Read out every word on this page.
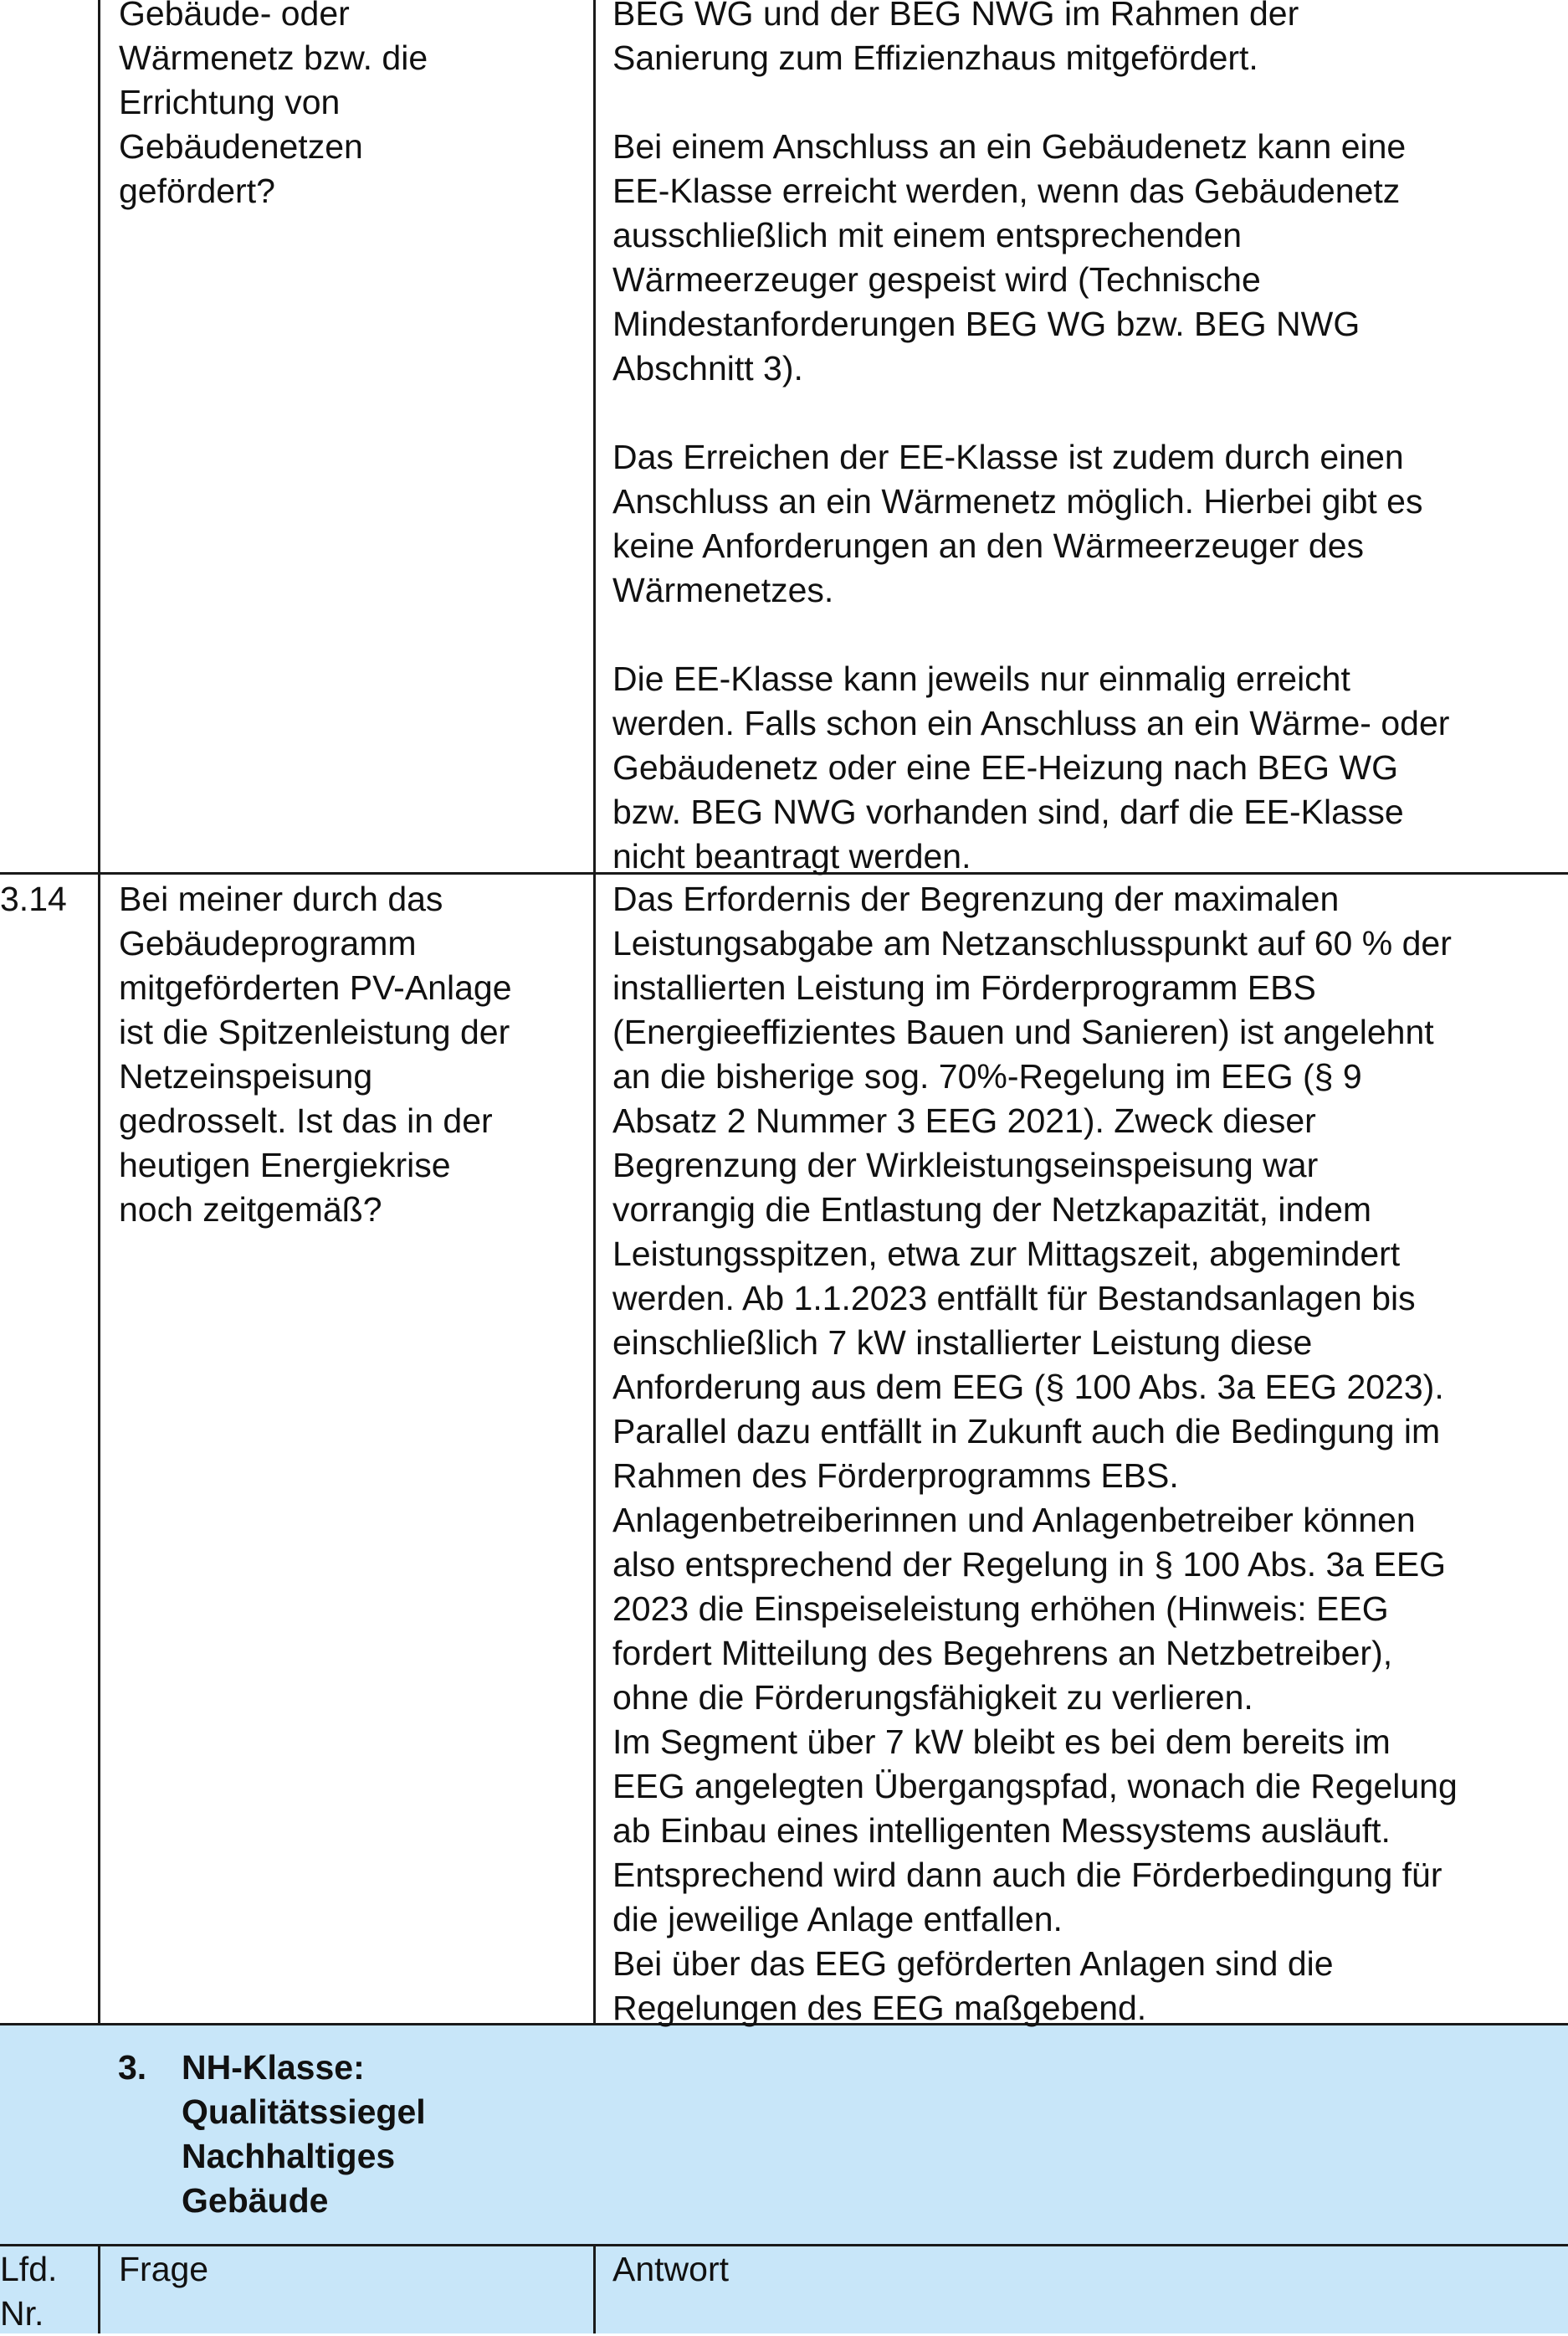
Gebäude- oder
Wärmenetz bzw. die
Errichtung von
Gebäudenetzen
gefördert?

BEG WG und der BEG NWG im Rahmen der
Sanierung zum Effizienzhaus mitgefördert.

Bei einem Anschluss an ein Gebäudenetz kann eine
EE-Klasse erreicht werden, wenn das Gebäudenetz
ausschließlich mit einem entsprechenden
Wärmeerzeuger gespeist wird (Technische
Mindestanforderungen BEG WG bzw. BEG NWG
Abschnitt 3).

Das Erreichen der EE-Klasse ist zudem durch einen
Anschluss an ein Wärmenetz möglich. Hierbei gibt es
keine Anforderungen an den Wärmeerzeuger des
Wärmenetzes.

Die EE-Klasse kann jeweils nur einmalig erreicht
werden. Falls schon ein Anschluss an ein Wärme- oder
Gebäudenetz oder eine EE-Heizung nach BEG WG
bzw. BEG NWG vorhanden sind, darf die EE-Klasse
nicht beantragt werden.

3.14	Bei meiner durch das
Gebäudeprogramm
mitgeförderten PV-Anlage
ist die Spitzenleistung der
Netzeinspeisung
gedrosselt. Ist das in der
heutigen Energiekrise
noch zeitgemäß?

Das Erfordernis der Begrenzung der maximalen
Leistungsabgabe am Netzanschlusspunkt auf 60 % der
installierten Leistung im Förderprogramm EBS
(Energieeffizientes Bauen und Sanieren) ist angelehnt
an die bisherige sog. 70%-Regelung im EEG (§ 9
Absatz 2 Nummer 3 EEG 2021). Zweck dieser
Begrenzung der Wirkleistungseinspeisung war
vorrangig die Entlastung der Netzkapazität, indem
Leistungsspitzen, etwa zur Mittagszeit, abgemindert
werden. Ab 1.1.2023 entfällt für Bestandsanlagen bis
einschließlich 7 kW installierter Leistung diese
Anforderung aus dem EEG (§ 100 Abs. 3a EEG 2023).
Parallel dazu entfällt in Zukunft auch die Bedingung im
Rahmen des Förderprogramms EBS.
Anlagenbetreiberinnen und Anlagenbetreiber können
also entsprechend der Regelung in § 100 Abs. 3a EEG
2023 die Einspeiseleistung erhöhen (Hinweis: EEG
fordert Mitteilung des Begehrens an Netzbetreiber),
ohne die Förderungsfähigkeit zu verlieren.
Im Segment über 7 kW bleibt es bei dem bereits im
EEG angelegten Übergangspfad, wonach die Regelung
ab Einbau eines intelligenten Messystems ausläuft.
Entsprechend wird dann auch die Förderbedingung für
die jeweilige Anlage entfallen.
Bei über das EEG geförderten Anlagen sind die
Regelungen des EEG maßgebend.

3. NH-Klasse:
Qualitätssiegel
Nachhaltiges
Gebäude

Lfd.
Nr.

Frage	Antwort
